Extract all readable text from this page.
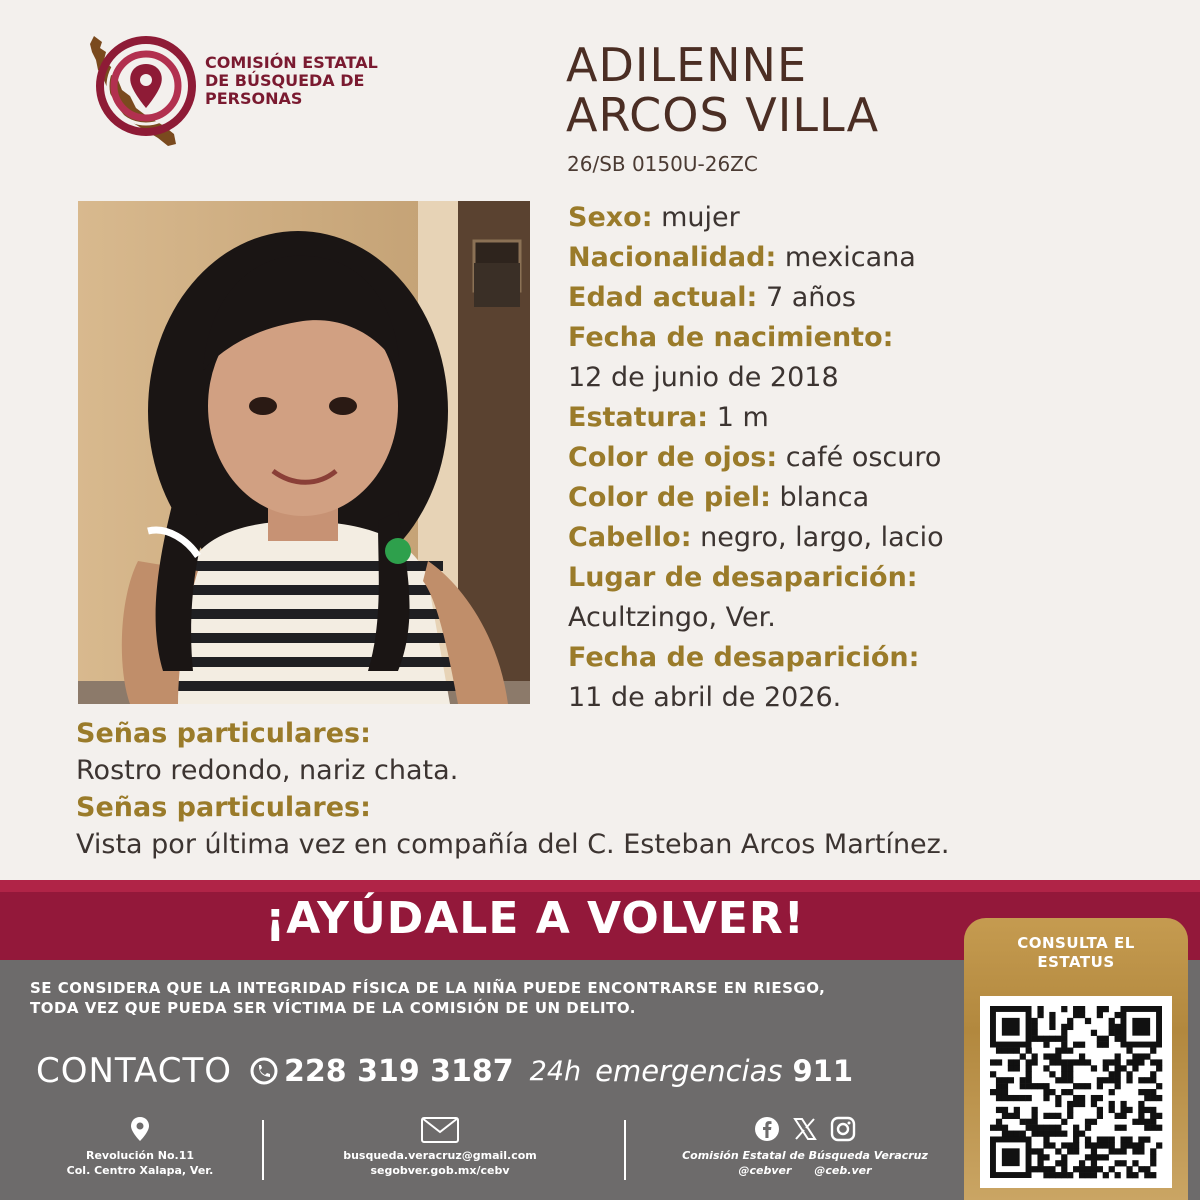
COMISIÓN ESTATAL
DE BÚSQUEDA DE
PERSONAS
ADILENNE
ARCOS VILLA
26/SB 0150U-26ZC
Sexo: mujer
Nacionalidad: mexicana
Edad actual: 7 años
Fecha de nacimiento:
12 de junio de 2018
Estatura: 1 m
Color de ojos: café oscuro
Color de piel: blanca
Cabello: negro, largo, lacio
Lugar de desaparición:
Acultzingo, Ver.
Fecha de desaparición:
11 de abril de 2026.
Señas particulares:
Rostro redondo, nariz chata.
Señas particulares:
Vista por última vez en compañía del C. Esteban Arcos Martínez.
¡AYÚDALE A VOLVER!
SE CONSIDERA QUE LA INTEGRIDAD FÍSICA DE LA NIÑA PUEDE ENCONTRARSE EN RIESGO,
TODA VEZ QUE PUEDA SER VÍCTIMA DE LA COMISIÓN DE UN DELITO.
CONTACTO 228 319 3187 24h emergencias 911
Revolución No.11
Col. Centro Xalapa, Ver.
busqueda.veracruz@gmail.com
segobver.gob.mx/cebv
Comisión Estatal de Búsqueda Veracruz
@cebver @ceb.ver
CONSULTA EL
ESTATUS
